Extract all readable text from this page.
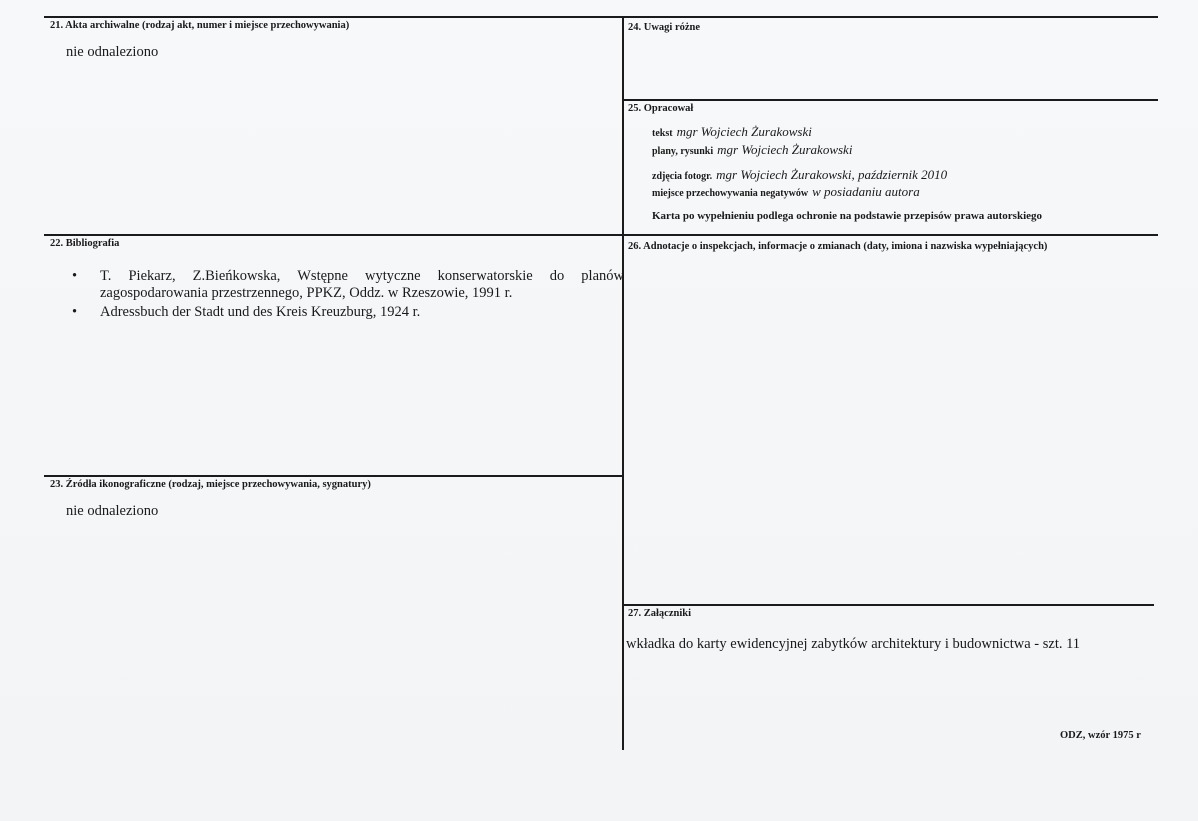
21. Akta archiwalne (rodzaj akt, numer i miejsce przechowywania)
nie odnaleziono
24. Uwagi różne
25. Opracował
tekst mgr Wojciech Żurakowski
plany, rysunki mgr Wojciech Żurakowski
zdjęcia fotogr. mgr Wojciech Żurakowski, październik 2010
miejsce przechowywania negatywów w posiadaniu autora
Karta po wypełnieniu podlega ochronie na podstawie przepisów prawa autorskiego
22. Bibliografia
• T. Piekarz, Z.Bieńkowska, Wstępne wytyczne konserwatorskie do planów zagospodarowania przestrzennego, PPKZ, Oddz. w Rzeszowie, 1991 r.
• Adressbuch der Stadt und des Kreis Kreuzburg, 1924 r.
26. Adnotacje o inspekcjach, informacje o zmianach (daty, imiona i nazwiska wypełniających)
23. Źródła ikonograficzne (rodzaj, miejsce przechowywania, sygnatury)
nie odnaleziono
27. Załączniki
wkładka do karty ewidencyjnej zabytków architektury i budownictwa - szt. 11
ODZ, wzór 1975 r
